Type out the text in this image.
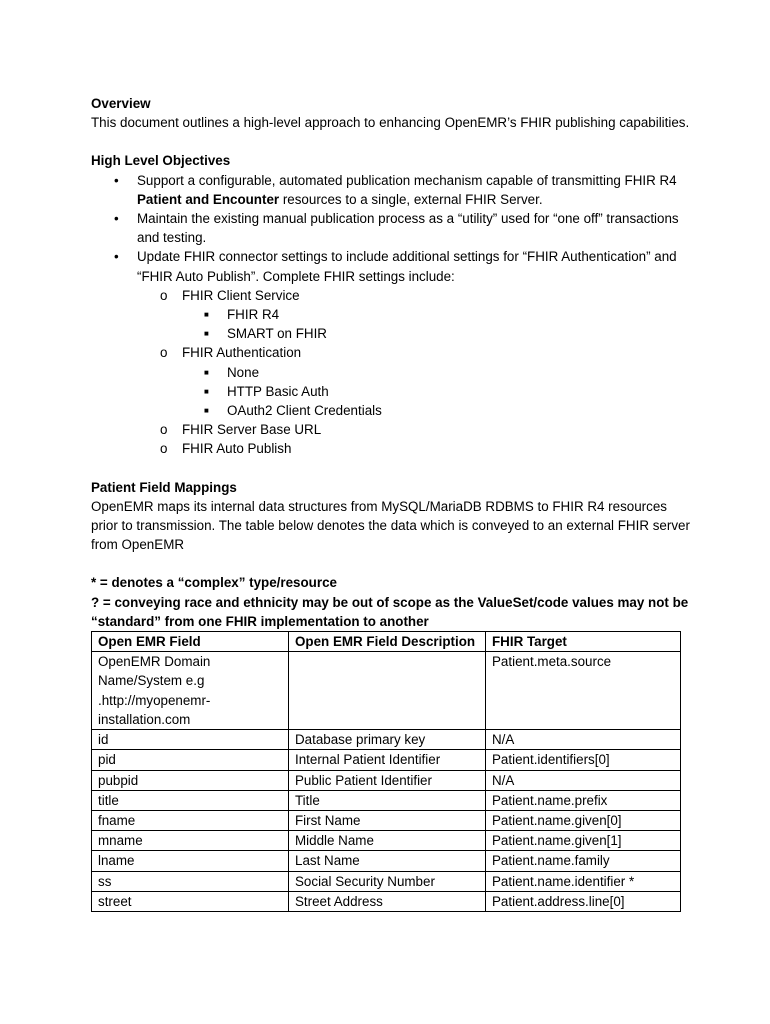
Overview

This document outlines a high-level approach to enhancing OpenEMR’s FHIR publishing capabilities.

High Level Objectives

• Support a configurable, automated publication mechanism capable of transmitting FHIR R4 Patient and Encounter resources to a single, external FHIR Server.
• Maintain the existing manual publication process as a “utility” used for “one off” transactions and testing.
• Update FHIR connector settings to include additional settings for “FHIR Authentication” and “FHIR Auto Publish”. Complete FHIR settings include:
o FHIR Client Service
■ FHIR R4
■ SMART on FHIR
o FHIR Authentication
■ None
■ HTTP Basic Auth
■ OAuth2 Client Credentials
o FHIR Server Base URL
o FHIR Auto Publish

Patient Field Mappings

OpenEMR maps its internal data structures from MySQL/MariaDB RDBMS to FHIR R4 resources prior to transmission. The table below denotes the data which is conveyed to an external FHIR server from OpenEMR

* = denotes a “complex” type/resource

? = conveying race and ethnicity may be out of scope as the ValueSet/code values may not be “standard” from one FHIR implementation to another

Open EMR Field	Open EMR Field Description	FHIR Target
OpenEMR Domain Name/System e.g .http://myopenemr-installation.com		Patient.meta.source
id	Database primary key	N/A
pid	Internal Patient Identifier	Patient.identifiers[0]
pubpid	Public Patient Identifier	N/A
title	Title	Patient.name.prefix
fname	First Name	Patient.name.given[0]
mname	Middle Name	Patient.name.given[1]
lname	Last Name	Patient.name.family
ss	Social Security Number	Patient.name.identifier *
street	Street Address	Patient.address.line[0]
